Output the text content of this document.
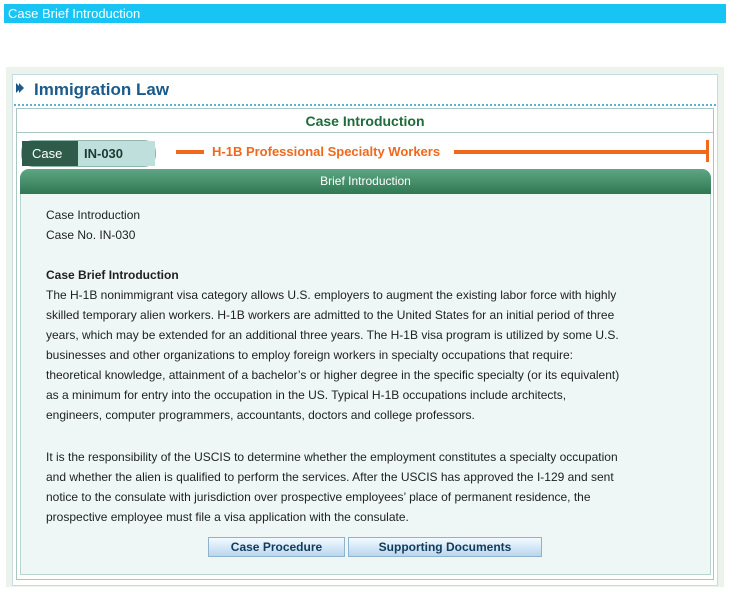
Case Brief Introduction
Immigration Law
Case Introduction
Case	IN-030	H-1B Professional Specialty Workers
Brief Introduction
Case Introduction
Case No. IN-030
Case Brief Introduction
The H-1B nonimmigrant visa category allows U.S. employers to augment the existing labor force with highly
skilled temporary alien workers. H-1B workers are admitted to the United States for an initial period of three
years, which may be extended for an additional three years. The H-1B visa program is utilized by some U.S.
businesses and other organizations to employ foreign workers in specialty occupations that require:
theoretical knowledge, attainment of a bachelor’s or higher degree in the specific specialty (or its equivalent)
as a minimum for entry into the occupation in the US. Typical H-1B occupations include architects,
engineers, computer programmers, accountants, doctors and college professors.
It is the responsibility of the USCIS to determine whether the employment constitutes a specialty occupation
and whether the alien is qualified to perform the services. After the USCIS has approved the I-129 and sent
notice to the consulate with jurisdiction over prospective employees’ place of permanent residence, the
prospective employee must file a visa application with the consulate.
Case Procedure	Supporting Documents
